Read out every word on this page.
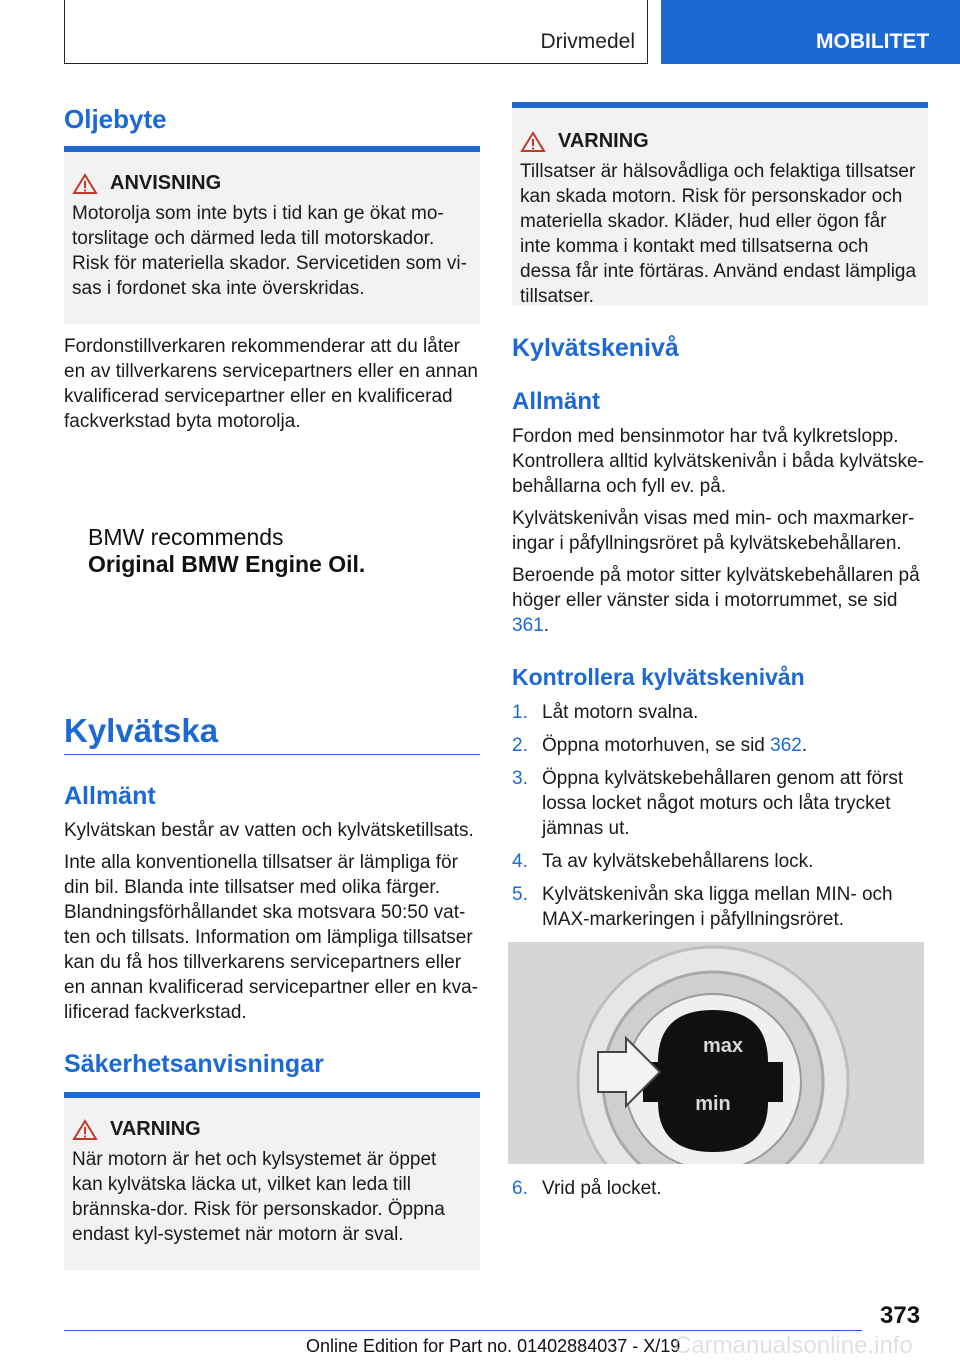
Drivmedel	MOBILITET
Oljebyte
ANVISNING
Motorolja som inte byts i tid kan ge ökat mo-torslitage och därmed leda till motorskador. Risk för materiella skador. Servicetiden som vi-sas i fordonet ska inte överskridas.
Fordonstillverkaren rekommenderar att du låter en av tillverkarens servicepartners eller en annan kvalificerad servicepartner eller en kvalificerad fackverkstad byta motorolja.
BMW recommends
Original BMW Engine Oil.
Kylvätska
Allmänt

Kylvätskan består av vatten och kylvätsketillsats.

Inte alla konventionella tillsatser är lämpliga för din bil. Blanda inte tillsatser med olika färger. Blandningsförhållandet ska motsvara 50:50 vat-ten och tillsats. Information om lämpliga tillsatser kan du få hos tillverkarens servicepartners eller en annan kvalificerad servicepartner eller en kva-lificerad fackverkstad.

Säkerhetsanvisningar
VARNING
När motorn är het och kylsystemet är öppet kan kylvätska läcka ut, vilket kan leda till brännska-dor. Risk för personskador. Öppna endast kyl-systemet när motorn är sval.
VARNING
Tillsatser är hälsovådliga och felaktiga tillsatser kan skada motorn. Risk för personskador och materiella skador. Kläder, hud eller ögon får inte komma i kontakt med tillsatserna och dessa får inte förtäras. Använd endast lämpliga tillsatser.
Kylvätskenivå
Allmänt

Fordon med bensinmotor har två kylkretslopp. Kontrollera alltid kylvätskenivån i båda kylvätske-behållarna och fyll ev. på.

Kylvätskenivån visas med min- och maxmarker-ingar i påfyllningsröret på kylvätskebehållaren.

Beroende på motor sitter kylvätskebehållaren på höger eller vänster sida i motorrummet, se sid 361.

Kontrollera kylvätskenivån
1. Låt motorn svalna.
2. Öppna motorhuven, se sid 362.
3. Öppna kylvätskebehållaren genom att först lossa locket något moturs och låta trycket jämnas ut.
4. Ta av kylvätskebehållarens lock.
5. Kylvätskenivån ska ligga mellan MIN- och MAX-markeringen i påfyllningsröret.
max
min
6. Vrid på locket.
373
Online Edition for Part no. 01402884037 - X/19
Carmanualsonline.info
